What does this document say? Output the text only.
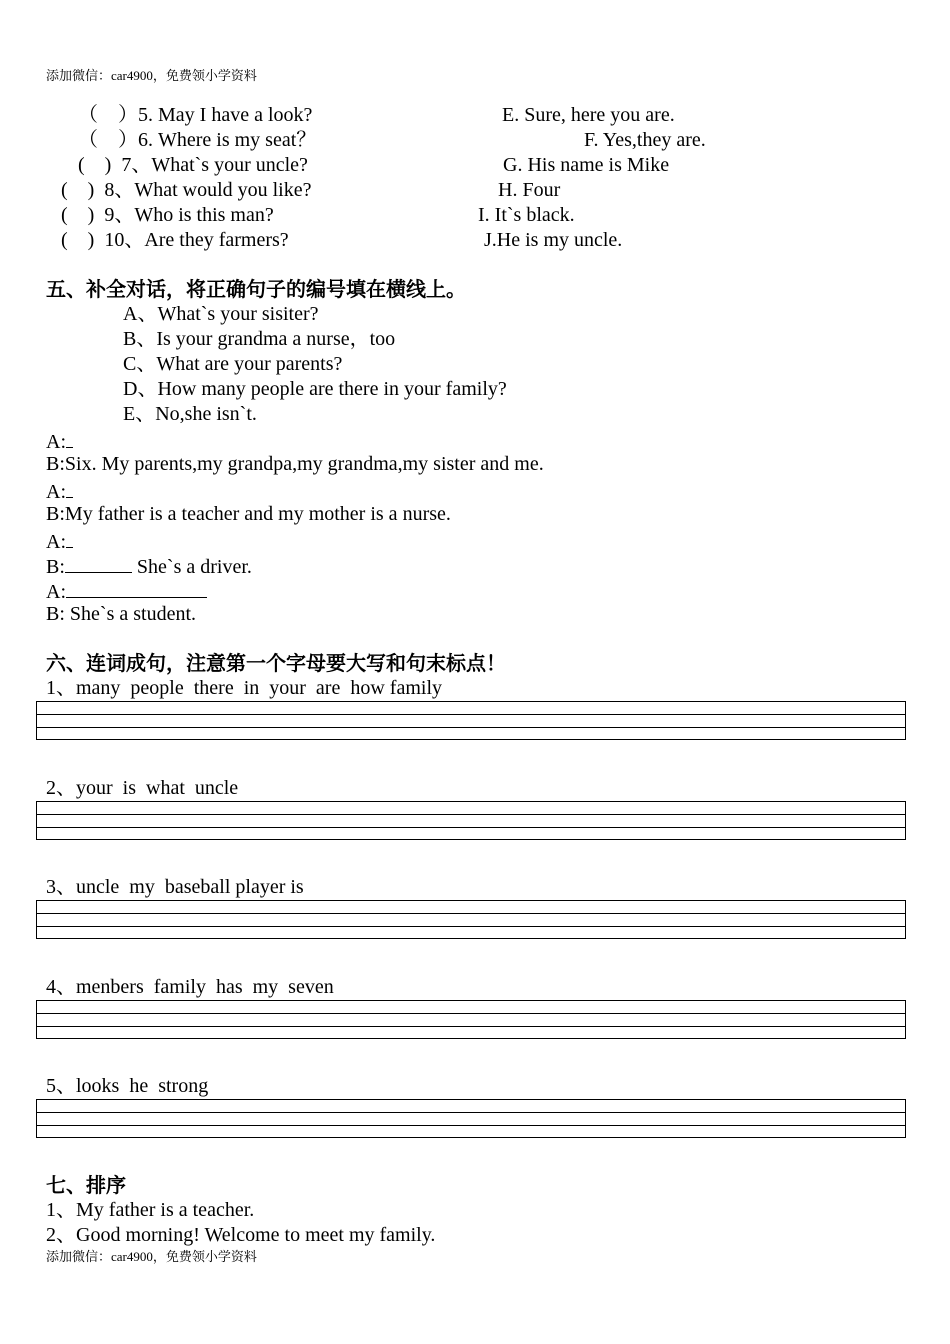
添加微信：car4900，免费领小学资料
（　）5. May I have a look?
（　）6. Where is my seat？
(　)  7、What`s your uncle?
(　)  8、What would you like?
(　)  9、Who is this man?
(　)  10、Are they farmers?
E. Sure, here you are.
F. Yes,they are.
G. His name is Mike
H. Four
I. It`s black.
J.He is my uncle.
五、补全对话，将正确句子的编号填在横线上。
A、What`s your sisiter?
B、Is your grandma a nurse，too
C、What are your parents?
D、How many people are there in your family?
E、No,she isn`t.
A:
B:Six. My parents,my grandpa,my grandma,my sister and me.
A:
B:My father is a teacher and my mother is a nurse.
A:
B:	She`s a driver.
A:
B: She`s a student.
六、连词成句，注意第一个字母要大写和句末标点！
1、many  people  there  in  your  are  how family
2、your  is  what  uncle
3、uncle  my  baseball player is
4、menbers  family  has  my  seven
5、looks  he  strong
七、排序
1、My father is a teacher.
2、Good morning! Welcome to meet my family.
添加微信：car4900，免费领小学资料
